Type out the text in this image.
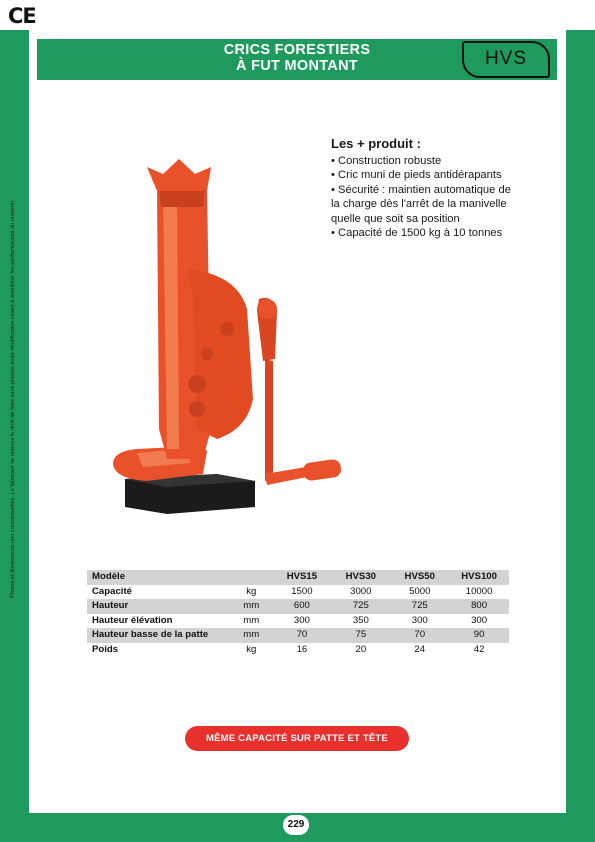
CE
Photos et dimensions non contractuelles. Le fabricant se réserve le droit de faire sans préavis toute modification visant à améliorer les performances du matériel.
CRICS FORESTIERS
À FUT MONTANT	HVS
Les + produit :
• Construction robuste
• Cric muni de pieds antidérapants
• Sécurité : maintien automatique de
la charge dès l'arrêt de la manivelle
quelle que soit sa position
• Capacité de 1500 kg à 10 tonnes
Modèle		HVS15	HVS30	HVS50	HVS100
Capacité	kg	1500	3000	5000	10000
Hauteur	mm	600	725	725	800
Hauteur élévation	mm	300	350	300	300
Hauteur basse de la patte	mm	70	75	70	90
Poids	kg	16	20	24	42
MÊME CAPACITÉ SUR PATTE ET TÊTE
229
